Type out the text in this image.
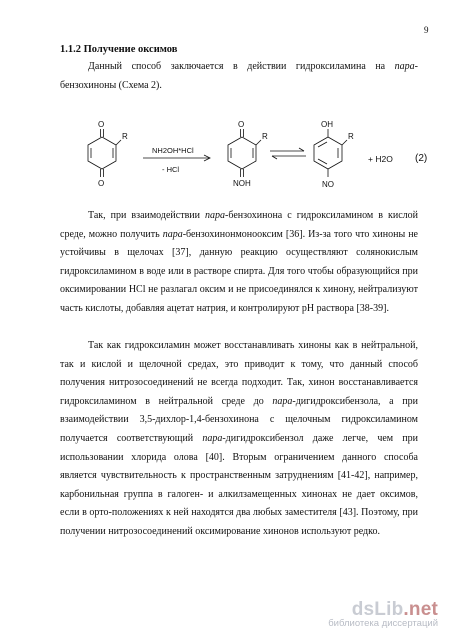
9
1.1.2 Получение оксимов

Данный способ заключается в действии гидроксиламина на пара-бензохиноны (Схема 2).

O
R
O
NH2OH*HCl
- HCl
O
R
NOH
OH
R
NO
+ H2O (2)

Так, при взаимодействии пара-бензохинона с гидроксиламином в кислой среде, можно получить пара-бензохинонмонооксим [36]. Из-за того что хиноны не устойчивы в щелочах [37], данную реакцию осуществляют солянокислым гидроксиламином в воде или в растворе спирта. Для того чтобы образующийся при оксимировании HCl не разлагал оксим и не присоединялся к хинону, нейтрализуют часть кислоты, добавляя ацетат натрия, и контролируют pH раствора [38-39].

Так как гидроксиламин может восстанавливать хиноны как в нейтральной, так и кислой и щелочной средах, это приводит к тому, что данный способ получения нитрозосоединений не всегда подходит. Так, хинон восстанавливается гидроксиламином в нейтральной среде до пара-дигидроксибензола, а при взаимодействии 3,5-дихлор-1,4-бензохинона с щелочным гидроксиламином получается соответствующий пара-дигидроксибензол даже легче, чем при использовании хлорида олова [40]. Вторым ограничением данного способа является чувствительность к пространственным затруднениям [41-42], например, карбонильная группа в галоген- и алкилзамещенных хинонах не дает оксимов, если в орто-положениях к ней находятся два любых заместителя [43]. Поэтому, при получении нитрозосоединений оксимирование хинонов используют редко.

dsLib.net
библиотека диссертаций
